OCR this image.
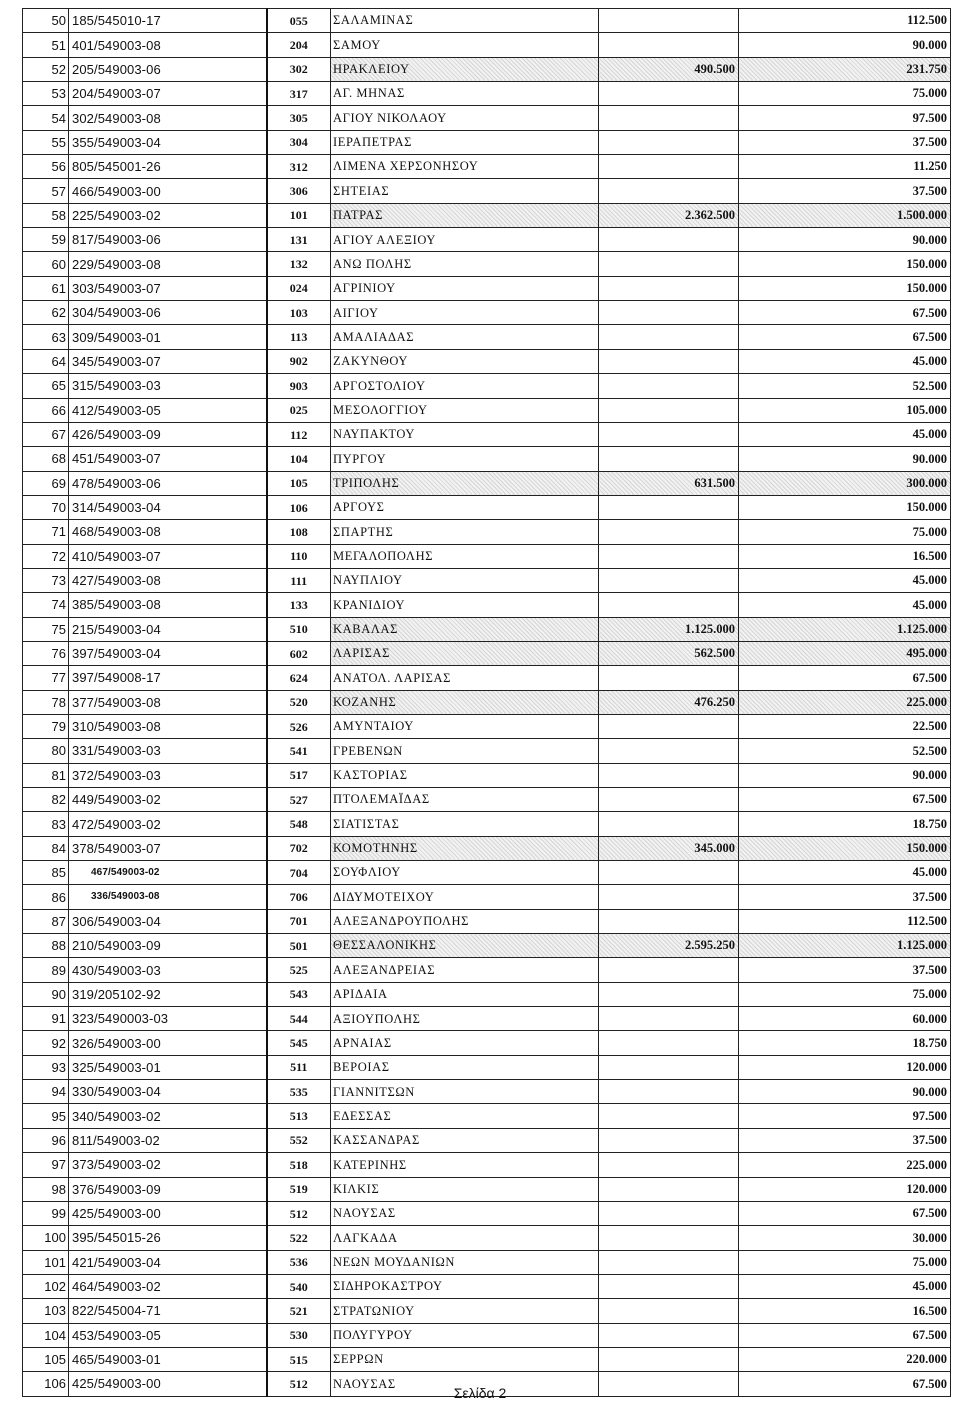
50	185/545010-17	055	ΣΑΛΑΜΙΝΑΣ		112.500
51	401/549003-08	204	ΣΑΜΟΥ		90.000
52	205/549003-06	302	ΗΡΑΚΛΕΙΟΥ	490.500	231.750
53	204/549003-07	317	ΑΓ. ΜΗΝΑΣ		75.000
54	302/549003-08	305	ΑΓΙΟΥ ΝΙΚΟΛΑΟΥ		97.500
55	355/549003-04	304	ΙΕΡΑΠΕΤΡΑΣ		37.500
56	805/545001-26	312	ΛΙΜΕΝΑ ΧΕΡΣΟΝΗΣΟΥ		11.250
57	466/549003-00	306	ΣΗΤΕΙΑΣ		37.500
58	225/549003-02	101	ΠΑΤΡΑΣ	2.362.500	1.500.000
59	817/549003-06	131	ΑΓΙΟΥ ΑΛΕΞΙΟΥ		90.000
60	229/549003-08	132	ΑΝΩ ΠΟΛΗΣ		150.000
61	303/549003-07	024	ΑΓΡΙΝΙΟΥ		150.000
62	304/549003-06	103	ΑΙΓΙΟΥ		67.500
63	309/549003-01	113	ΑΜΑΛΙΑΔΑΣ		67.500
64	345/549003-07	902	ΖΑΚΥΝΘΟΥ		45.000
65	315/549003-03	903	ΑΡΓΟΣΤΟΛΙΟΥ		52.500
66	412/549003-05	025	ΜΕΣΟΛΟΓΓΙΟΥ		105.000
67	426/549003-09	112	ΝΑΥΠΑΚΤΟΥ		45.000
68	451/549003-07	104	ΠΥΡΓΟΥ		90.000
69	478/549003-06	105	ΤΡΙΠΟΛΗΣ	631.500	300.000
70	314/549003-04	106	ΑΡΓΟΥΣ		150.000
71	468/549003-08	108	ΣΠΑΡΤΗΣ		75.000
72	410/549003-07	110	ΜΕΓΑΛΟΠΟΛΗΣ		16.500
73	427/549003-08	111	ΝΑΥΠΛΙΟΥ		45.000
74	385/549003-08	133	ΚΡΑΝΙΔΙΟΥ		45.000
75	215/549003-04	510	ΚΑΒΑΛΑΣ	1.125.000	1.125.000
76	397/549003-04	602	ΛΑΡΙΣΑΣ	562.500	495.000
77	397/549008-17	624	ΑΝΑΤΟΛ. ΛΑΡΙΣΑΣ		67.500
78	377/549003-08	520	ΚΟΖΑΝΗΣ	476.250	225.000
79	310/549003-08	526	ΑΜΥΝΤΑΙΟΥ		22.500
80	331/549003-03	541	ΓΡΕΒΕΝΩΝ		52.500
81	372/549003-03	517	ΚΑΣΤΟΡΙΑΣ		90.000
82	449/549003-02	527	ΠΤΟΛΕΜΑΪΔΑΣ		67.500
83	472/549003-02	548	ΣΙΑΤΙΣΤΑΣ		18.750
84	378/549003-07	702	ΚΟΜΟΤΗΝΗΣ	345.000	150.000
85	467/549003-02	704	ΣΟΥΦΛΙΟΥ		45.000
86	336/549003-08	706	ΔΙΔΥΜΟΤΕΙΧΟΥ		37.500
87	306/549003-04	701	ΑΛΕΞΑΝΔΡΟΥΠΟΛΗΣ		112.500
88	210/549003-09	501	ΘΕΣΣΑΛΟΝΙΚΗΣ	2.595.250	1.125.000
89	430/549003-03	525	ΑΛΕΞΑΝΔΡΕΙΑΣ		37.500
90	319/205102-92	543	ΑΡΙΔΑΙΑ		75.000
91	323/5490003-03	544	ΑΞΙΟΥΠΟΛΗΣ		60.000
92	326/549003-00	545	ΑΡΝΑΙΑΣ		18.750
93	325/549003-01	511	ΒΕΡΟΙΑΣ		120.000
94	330/549003-04	535	ΓΙΑΝΝΙΤΣΩΝ		90.000
95	340/549003-02	513	ΕΔΕΣΣΑΣ		97.500
96	811/549003-02	552	ΚΑΣΣΑΝΔΡΑΣ		37.500
97	373/549003-02	518	ΚΑΤΕΡΙΝΗΣ		225.000
98	376/549003-09	519	ΚΙΛΚΙΣ		120.000
99	425/549003-00	512	ΝΑΟΥΣΑΣ		67.500
100	395/545015-26	522	ΛΑΓΚΑΔΑ		30.000
101	421/549003-04	536	ΝΕΩΝ ΜΟΥΔΑΝΙΩΝ		75.000
102	464/549003-02	540	ΣΙΔΗΡΟΚΑΣΤΡΟΥ		45.000
103	822/545004-71	521	ΣΤΡΑΤΩΝΙΟΥ		16.500
104	453/549003-05	530	ΠΟΛΥΓΥΡΟΥ		67.500
105	465/549003-01	515	ΣΕΡΡΩΝ		220.000
106	425/549003-00	512	ΝΑΟΥΣΑΣ		67.500
Σελίδα 2
